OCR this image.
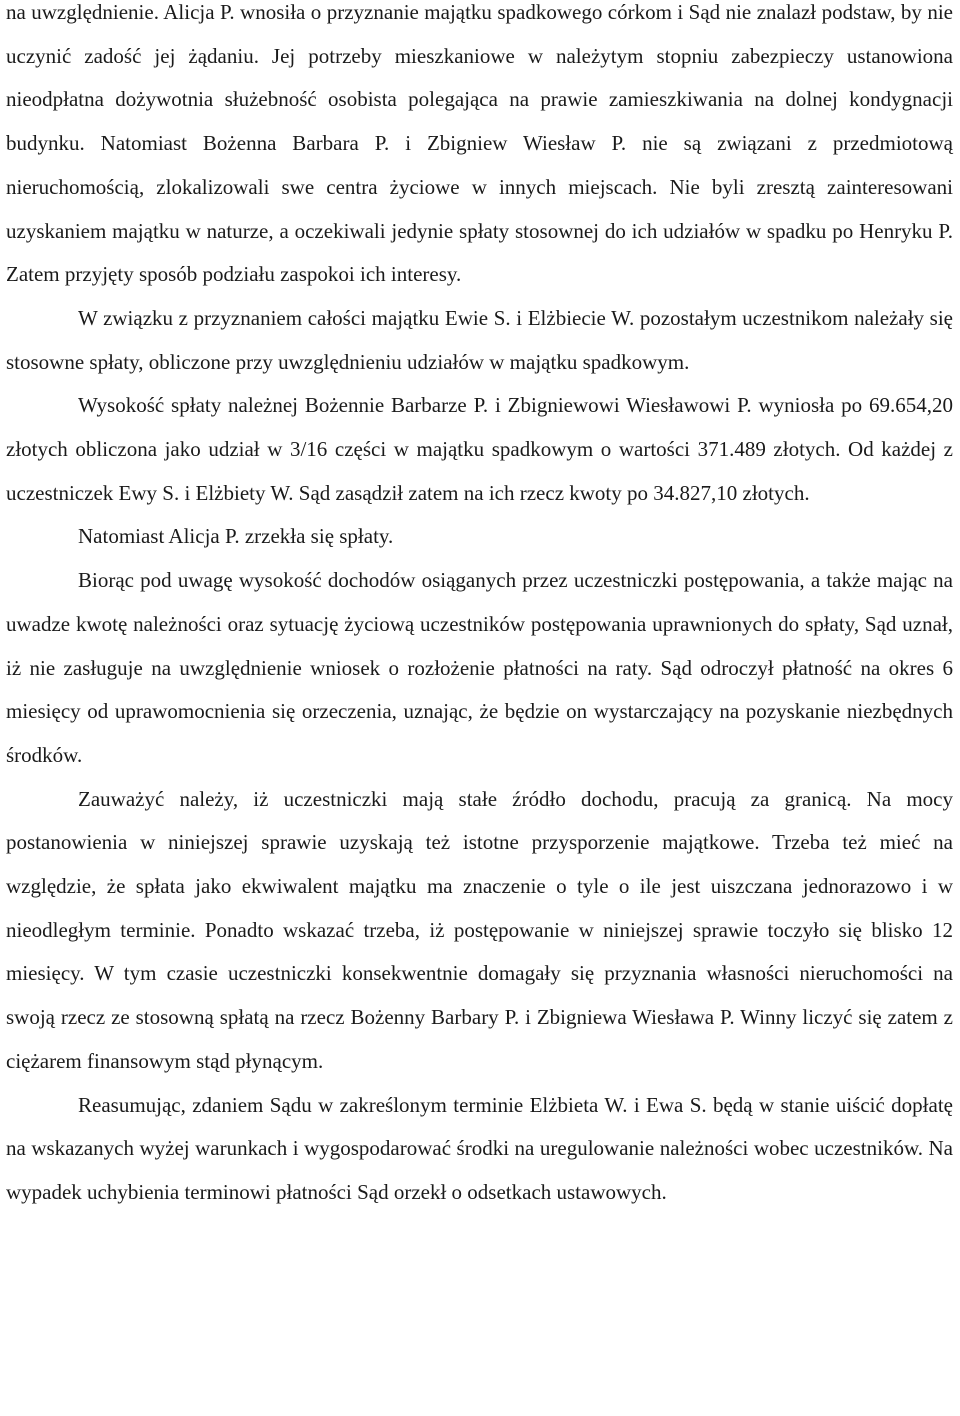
na uwzględnienie. Alicja P. wnosiła o przyznanie majątku spadkowego córkom i Sąd nie znalazł podstaw, by nie uczynić zadość jej żądaniu. Jej potrzeby mieszkaniowe w należytym stopniu zabezpieczy ustanowiona nieodpłatna dożywotnia służebność osobista polegająca na prawie zamieszkiwania na dolnej kondygnacji budynku. Natomiast Bożenna Barbara P. i Zbigniew Wiesław P. nie są związani z przedmiotową nieruchomością, zlokalizowali swe centra życiowe w innych miejscach. Nie byli zresztą zainteresowani uzyskaniem majątku w naturze, a oczekiwali jedynie spłaty stosownej do ich udziałów w spadku po Henryku P. Zatem przyjęty sposób podziału zaspokoi ich interesy.

W związku z przyznaniem całości majątku Ewie S. i Elżbiecie W. pozostałym uczestnikom należały się stosowne spłaty, obliczone przy uwzględnieniu udziałów w majątku spadkowym.

Wysokość spłaty należnej Bożennie Barbarze P. i Zbigniewowi Wiesławowi P. wyniosła po 69.654,20 złotych obliczona jako udział w 3/16 części w majątku spadkowym o wartości 371.489 złotych. Od każdej z uczestniczek Ewy S. i Elżbiety W. Sąd zasądził zatem na ich rzecz kwoty po 34.827,10 złotych.

Natomiast Alicja P. zrzekła się spłaty.

Biorąc pod uwagę wysokość dochodów osiąganych przez uczestniczki postępowania, a także mając na uwadze kwotę należności oraz sytuację życiową uczestników postępowania uprawnionych do spłaty, Sąd uznał, iż nie zasługuje na uwzględnienie wniosek o rozłożenie płatności na raty. Sąd odroczył płatność na okres 6 miesięcy od uprawomocnienia się orzeczenia, uznając, że będzie on wystarczający na pozyskanie niezbędnych środków.

Zauważyć należy, iż uczestniczki mają stałe źródło dochodu, pracują za granicą. Na mocy postanowienia w niniejszej sprawie uzyskają też istotne przysporzenie majątkowe. Trzeba też mieć na względzie, że spłata jako ekwiwalent majątku ma znaczenie o tyle o ile jest uiszczana jednorazowo i w nieodległym terminie. Ponadto wskazać trzeba, iż postępowanie w niniejszej sprawie toczyło się blisko 12 miesięcy. W tym czasie uczestniczki konsekwentnie domagały się przyznania własności nieruchomości na swoją rzecz ze stosowną spłatą na rzecz Bożenny Barbary P. i Zbigniewa Wiesława P. Winny liczyć się zatem z ciężarem finansowym stąd płynącym.

Reasumując, zdaniem Sądu w zakreślonym terminie Elżbieta W. i Ewa S. będą w stanie uiścić dopłatę na wskazanych wyżej warunkach i wygospodarować środki na uregulowanie należności wobec uczestników. Na wypadek uchybienia terminowi płatności Sąd orzekł o odsetkach ustawowych.
